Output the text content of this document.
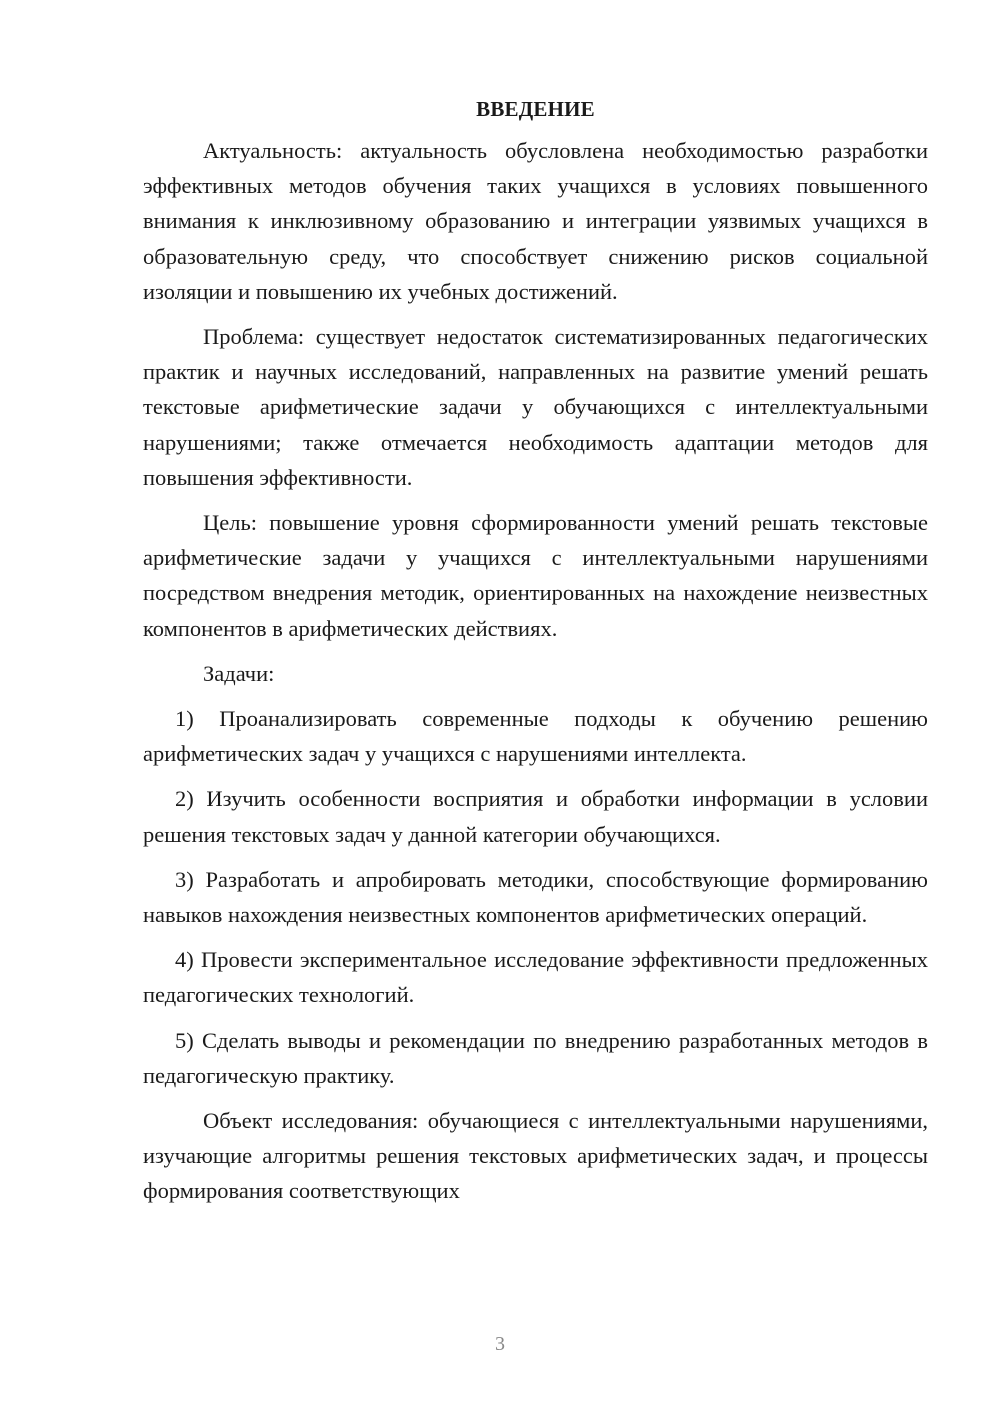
ВВЕДЕНИЕ

Актуальность: актуальность обусловлена необходимостью разработки эффективных методов обучения таких учащихся в условиях повышенного внимания к инклюзивному образованию и интеграции уязвимых учащихся в образовательную среду, что способствует снижению рисков социальной изоляции и повышению их учебных достижений.

Проблема: существует недостаток систематизированных педагогических практик и научных исследований, направленных на развитие умений решать текстовые арифметические задачи у обучающихся с интеллектуальными нарушениями; также отмечается необходимость адаптации методов для повышения эффективности.

Цель: повышение уровня сформированности умений решать текстовые арифметические задачи у учащихся с интеллектуальными нарушениями посредством внедрения методик, ориентированных на нахождение неизвестных компонентов в арифметических действиях.

Задачи:

1) Проанализировать современные подходы к обучению решению арифметических задач у учащихся с нарушениями интеллекта.

2) Изучить особенности восприятия и обработки информации в условии решения текстовых задач у данной категории обучающихся.

3) Разработать и апробировать методики, способствующие формированию навыков нахождения неизвестных компонентов арифметических операций.

4) Провести экспериментальное исследование эффективности предложенных педагогических технологий.

5) Сделать выводы и рекомендации по внедрению разработанных методов в педагогическую практику.

Объект исследования: обучающиеся с интеллектуальными нарушениями, изучающие алгоритмы решения текстовых арифметических задач, и процессы формирования соответствующих

3
